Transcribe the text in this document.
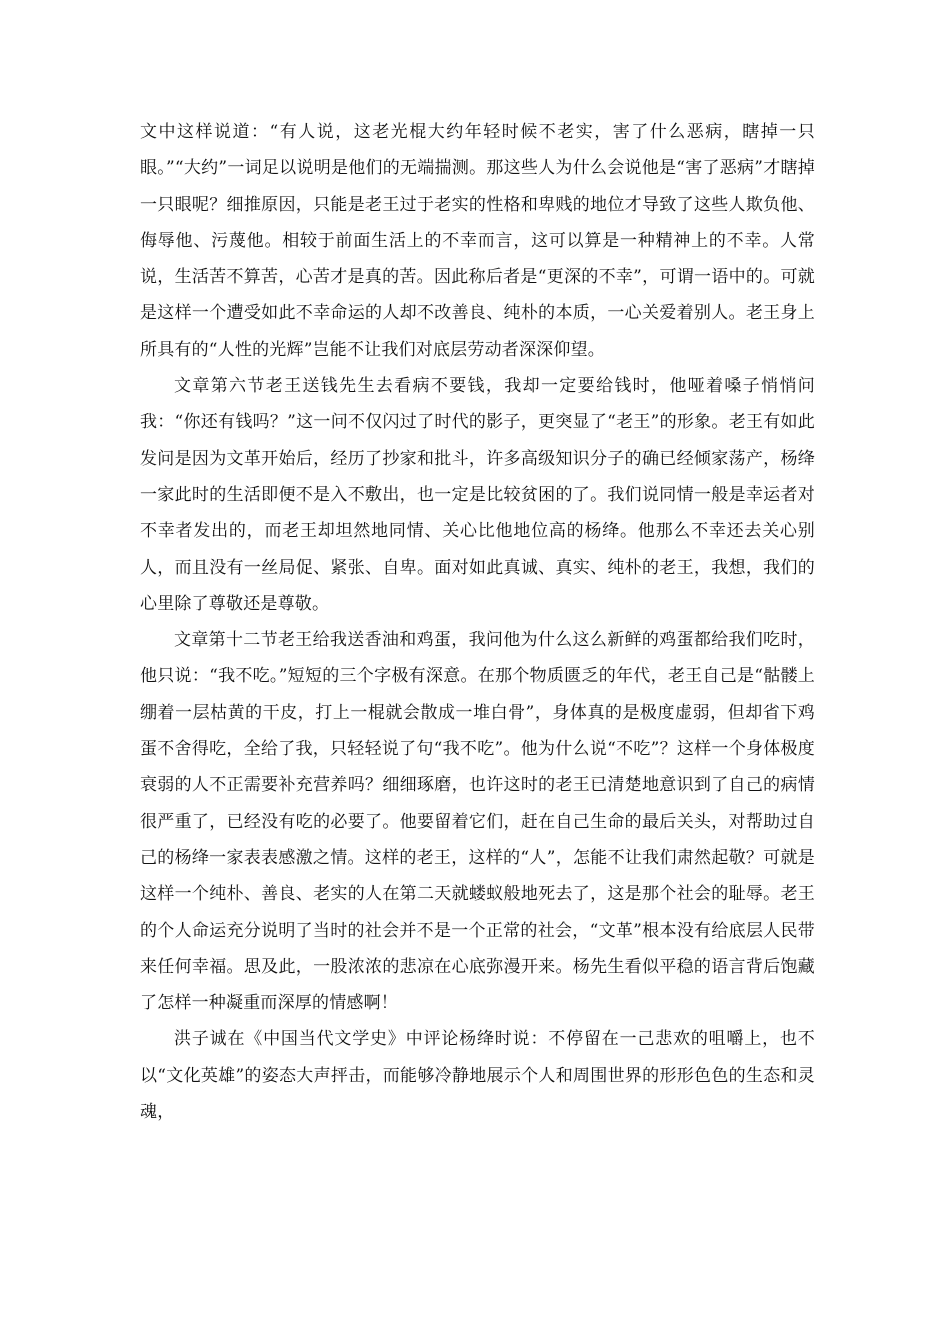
文中这样说道：“有人说，这老光棍大约年轻时候不老实，害了什么恶病，瞎掉一只眼。”“大约”一词足以说明是他们的无端揣测。那这些人为什么会说他是“害了恶病”才瞎掉一只眼呢？细推原因，只能是老王过于老实的性格和卑贱的地位才导致了这些人欺负他、侮辱他、污蔑他。相较于前面生活上的不幸而言，这可以算是一种精神上的不幸。人常说，生活苦不算苦，心苦才是真的苦。因此称后者是“更深的不幸”，可谓一语中的。可就是这样一个遭受如此不幸命运的人却不改善良、纯朴的本质，一心关爱着别人。老王身上所具有的“人性的光辉”岂能不让我们对底层劳动者深深仰望。

文章第六节老王送钱先生去看病不要钱，我却一定要给钱时，他哑着嗓子悄悄问我：“你还有钱吗？”这一问不仅闪过了时代的影子，更突显了“老王”的形象。老王有如此发问是因为文革开始后，经历了抄家和批斗，许多高级知识分子的确已经倾家荡产，杨绛一家此时的生活即便不是入不敷出，也一定是比较贫困的了。我们说同情一般是幸运者对不幸者发出的，而老王却坦然地同情、关心比他地位高的杨绛。他那么不幸还去关心别人，而且没有一丝局促、紧张、自卑。面对如此真诚、真实、纯朴的老王，我想，我们的心里除了尊敬还是尊敬。

文章第十二节老王给我送香油和鸡蛋，我问他为什么这么新鲜的鸡蛋都给我们吃时，他只说：“我不吃。”短短的三个字极有深意。在那个物质匮乏的年代，老王自己是“骷髅上绷着一层枯黄的干皮，打上一棍就会散成一堆白骨”，身体真的是极度虚弱，但却省下鸡蛋不舍得吃，全给了我，只轻轻说了句“我不吃”。他为什么说“不吃”？这样一个身体极度衰弱的人不正需要补充营养吗？细细琢磨，也许这时的老王已清楚地意识到了自己的病情很严重了，已经没有吃的必要了。他要留着它们，赶在自己生命的最后关头，对帮助过自己的杨绛一家表表感激之情。这样的老王，这样的“人”，怎能不让我们肃然起敬？可就是这样一个纯朴、善良、老实的人在第二天就蝼蚁般地死去了，这是那个社会的耻辱。老王的个人命运充分说明了当时的社会并不是一个正常的社会，“文革”根本没有给底层人民带来任何幸福。思及此，一股浓浓的悲凉在心底弥漫开来。杨先生看似平稳的语言背后饱藏了怎样一种凝重而深厚的情感啊！

洪子诚在《中国当代文学史》中评论杨绛时说：不停留在一己悲欢的咀嚼上，也不以“文化英雄”的姿态大声抨击，而能够冷静地展示个人和周围世界的形形色色的生态和灵魂，
